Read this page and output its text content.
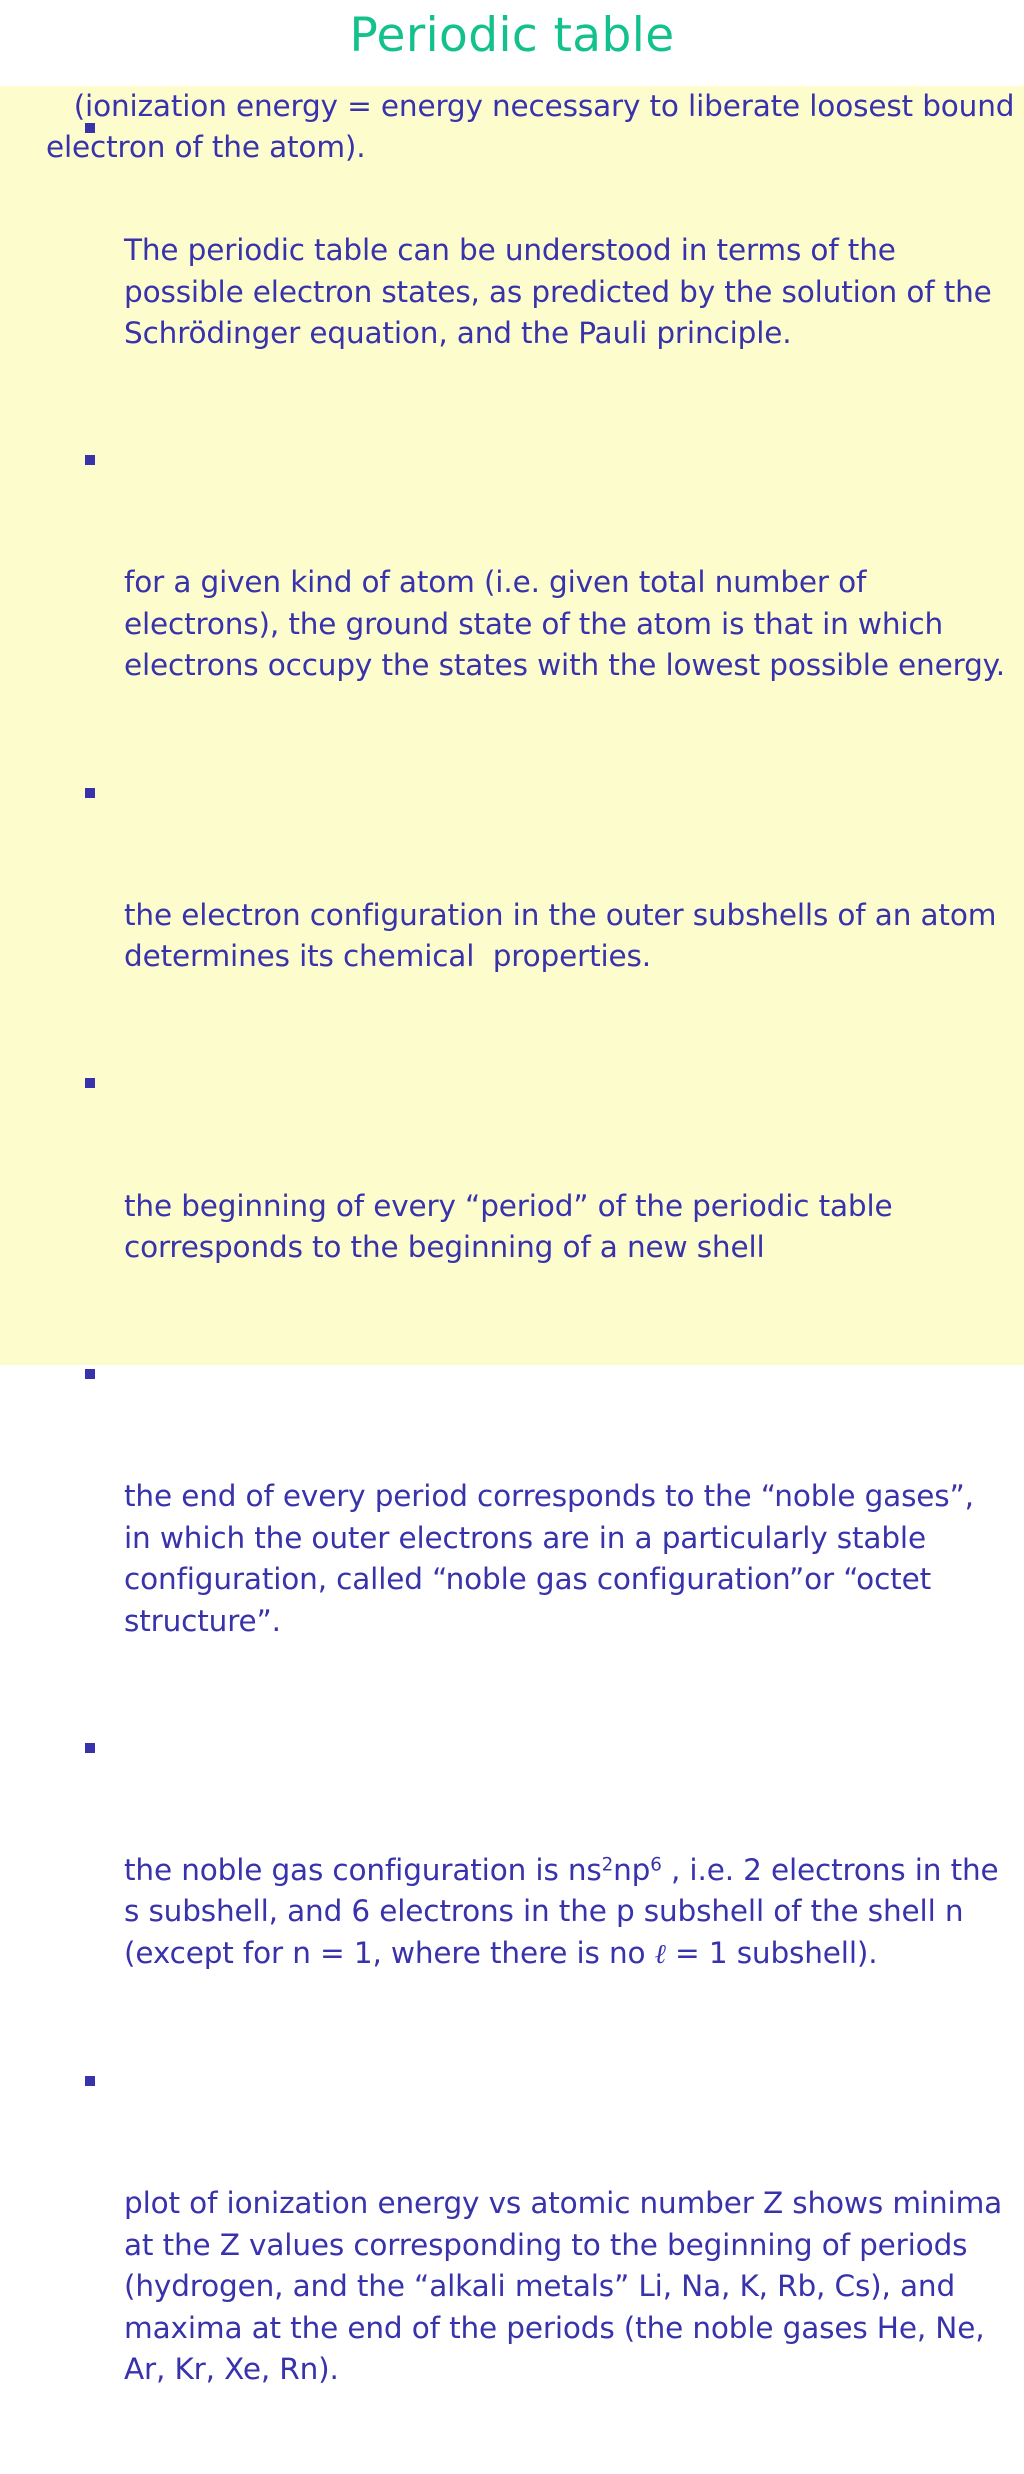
Periodic table

The periodic table can be understood in terms of the possible electron states, as predicted by the solution of the Schrödinger equation, and the Pauli principle.

for a given kind of atom (i.e. given total number of electrons), the ground state of the atom is that in which electrons occupy the states with the lowest possible energy.

the electron configuration in the outer subshells of an atom determines its chemical  properties.

the beginning of every “period” of the periodic table corresponds to the beginning of a new shell

the end of every period corresponds to the “noble gases”, in which the outer electrons are in a particularly stable configuration, called “noble gas configuration”or “octet structure”.

the noble gas configuration is $ns^2np^6$ , i.e. 2 electrons in the s subshell, and 6 electrons in the p subshell of the shell n (except for n = 1, where there is no ℓ = 1 subshell).

plot of ionization energy vs atomic number Z shows minima at the Z values corresponding to the beginning of periods (hydrogen, and the “alkali metals” Li, Na, K, Rb, Cs), and maxima at the end of the periods (the noble gases He, Ne, Ar, Kr, Xe, Rn).

(ionization energy = energy necessary to liberate loosest bound electron of the atom).
